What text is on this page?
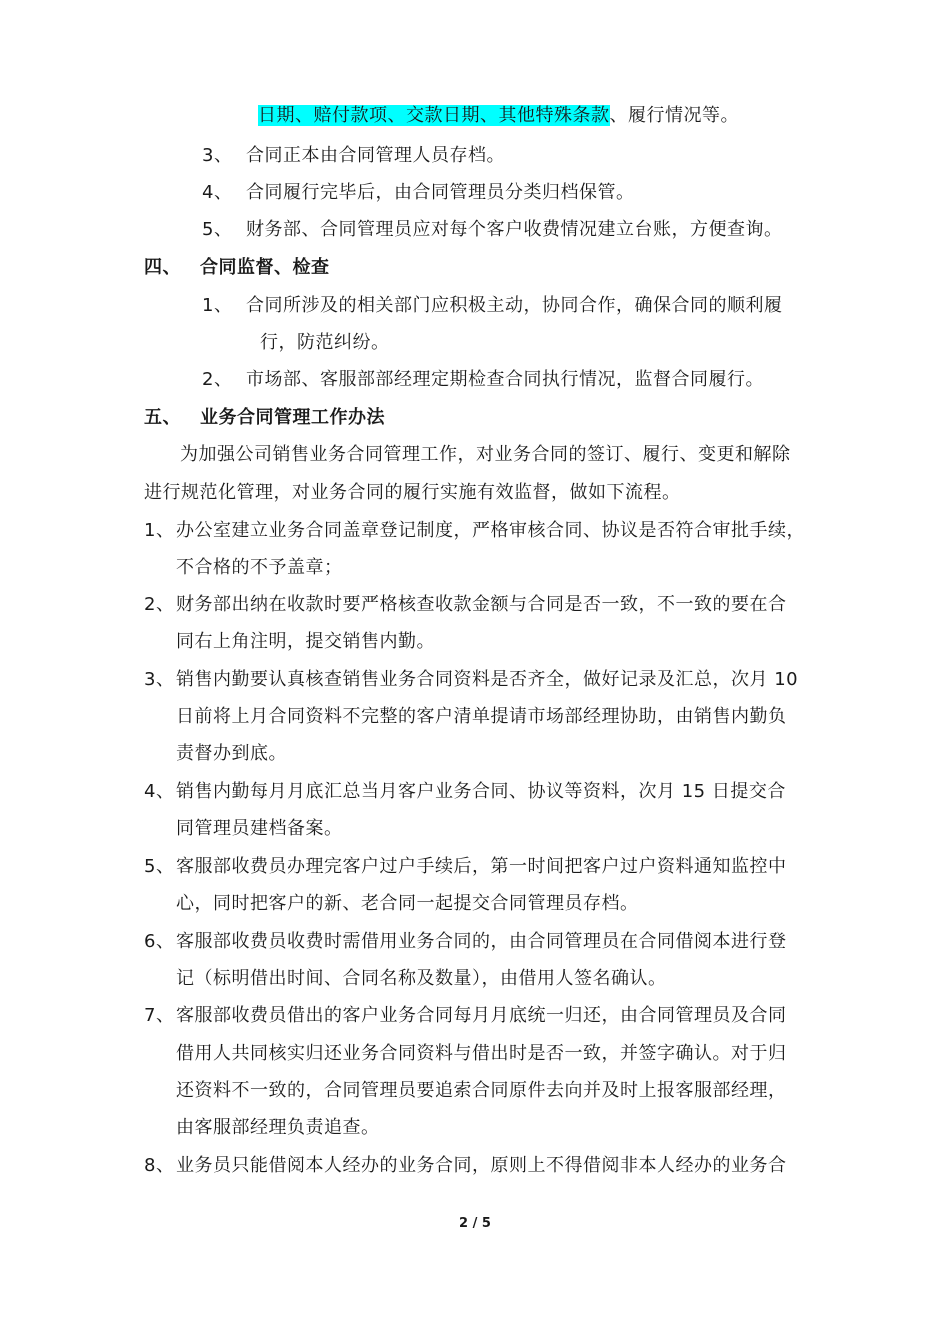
日期、赔付款项、交款日期、其他特殊条款、履行情况等。
3、 合同正本由合同管理人员存档。
4、 合同履行完毕后，由合同管理员分类归档保管。
5、 财务部、合同管理员应对每个客户收费情况建立台账，方便查询。
四、 合同监督、检查
1、 合同所涉及的相关部门应积极主动，协同合作，确保合同的顺利履
行，防范纠纷。
2、 市场部、客服部部经理定期检查合同执行情况，监督合同履行。
五、 业务合同管理工作办法
为加强公司销售业务合同管理工作，对业务合同的签订、履行、变更和解除
进行规范化管理，对业务合同的履行实施有效监督，做如下流程。
1、办公室建立业务合同盖章登记制度，严格审核合同、协议是否符合审批手续，
不合格的不予盖章；
2、财务部出纳在收款时要严格核查收款金额与合同是否一致，不一致的要在合
同右上角注明，提交销售内勤。
3、销售内勤要认真核查销售业务合同资料是否齐全，做好记录及汇总，次月 10
日前将上月合同资料不完整的客户清单提请市场部经理协助，由销售内勤负
责督办到底。
4、销售内勤每月月底汇总当月客户业务合同、协议等资料，次月 15 日提交合
同管理员建档备案。
5、客服部收费员办理完客户过户手续后，第一时间把客户过户资料通知监控中
心，同时把客户的新、老合同一起提交合同管理员存档。
6、客服部收费员收费时需借用业务合同的，由合同管理员在合同借阅本进行登
记（标明借出时间、合同名称及数量），由借用人签名确认。
7、客服部收费员借出的客户业务合同每月月底统一归还，由合同管理员及合同
借用人共同核实归还业务合同资料与借出时是否一致，并签字确认。对于归
还资料不一致的，合同管理员要追索合同原件去向并及时上报客服部经理，
由客服部经理负责追查。
8、业务员只能借阅本人经办的业务合同，原则上不得借阅非本人经办的业务合
2 / 5
